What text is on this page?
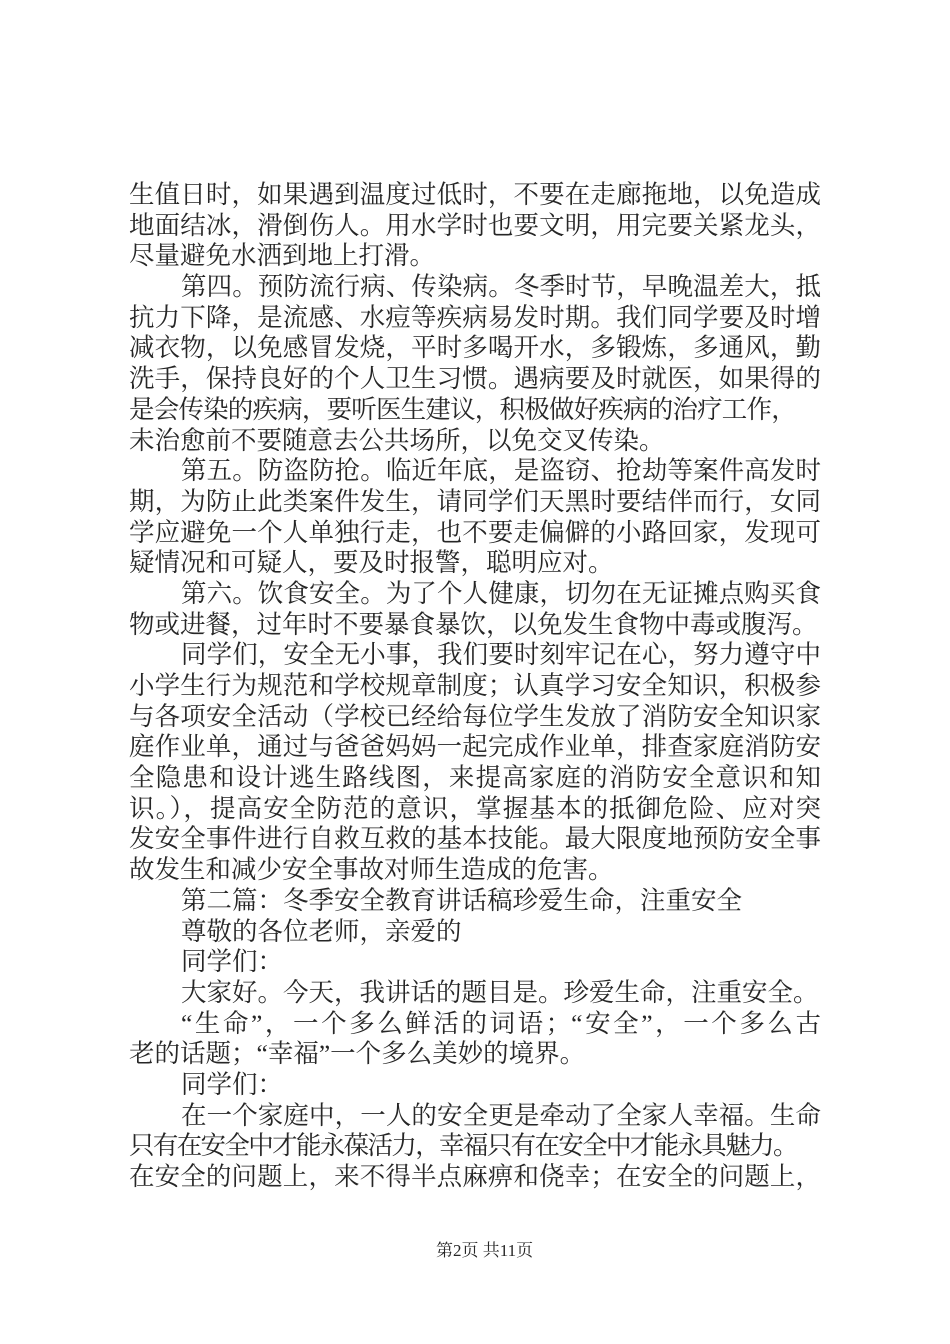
生值日时，如果遇到温度过低时，不要在走廊拖地，以免造成
地面结冰，滑倒伤人。用水学时也要文明，用完要关紧龙头，
尽量避免水洒到地上打滑。
第四。预防流行病、传染病。冬季时节，早晚温差大，抵
抗力下降，是流感、水痘等疾病易发时期。我们同学要及时增
减衣物，以免感冒发烧，平时多喝开水，多锻炼，多通风，勤
洗手，保持良好的个人卫生习惯。遇病要及时就医，如果得的
是会传染的疾病，要听医生建议，积极做好疾病的治疗工作，
未治愈前不要随意去公共场所，以免交叉传染。
第五。防盗防抢。临近年底，是盗窃、抢劫等案件高发时
期，为防止此类案件发生，请同学们天黑时要结伴而行，女同
学应避免一个人单独行走，也不要走偏僻的小路回家，发现可
疑情况和可疑人，要及时报警，聪明应对。
第六。饮食安全。为了个人健康，切勿在无证摊点购买食
物或进餐，过年时不要暴食暴饮，以免发生食物中毒或腹泻。
同学们，安全无小事，我们要时刻牢记在心，努力遵守中
小学生行为规范和学校规章制度；认真学习安全知识，积极参
与各项安全活动（学校已经给每位学生发放了消防安全知识家
庭作业单，通过与爸爸妈妈一起完成作业单，排查家庭消防安
全隐患和设计逃生路线图，来提高家庭的消防安全意识和知
识。），提高安全防范的意识，掌握基本的抵御危险、应对突
发安全事件进行自救互救的基本技能。最大限度地预防安全事
故发生和减少安全事故对师生造成的危害。
第二篇：冬季安全教育讲话稿珍爱生命，注重安全
尊敬的各位老师，亲爱的
同学们：
大家好。今天，我讲话的题目是。珍爱生命，注重安全。
“生命”，一个多么鲜活的词语；“安全”，一个多么古
老的话题；“幸福”一个多么美妙的境界。
同学们：
在一个家庭中，一人的安全更是牵动了全家人幸福。生命
只有在安全中才能永葆活力，幸福只有在安全中才能永具魅力。
在安全的问题上，来不得半点麻痹和侥幸；在安全的问题上，
第2页 共11页
